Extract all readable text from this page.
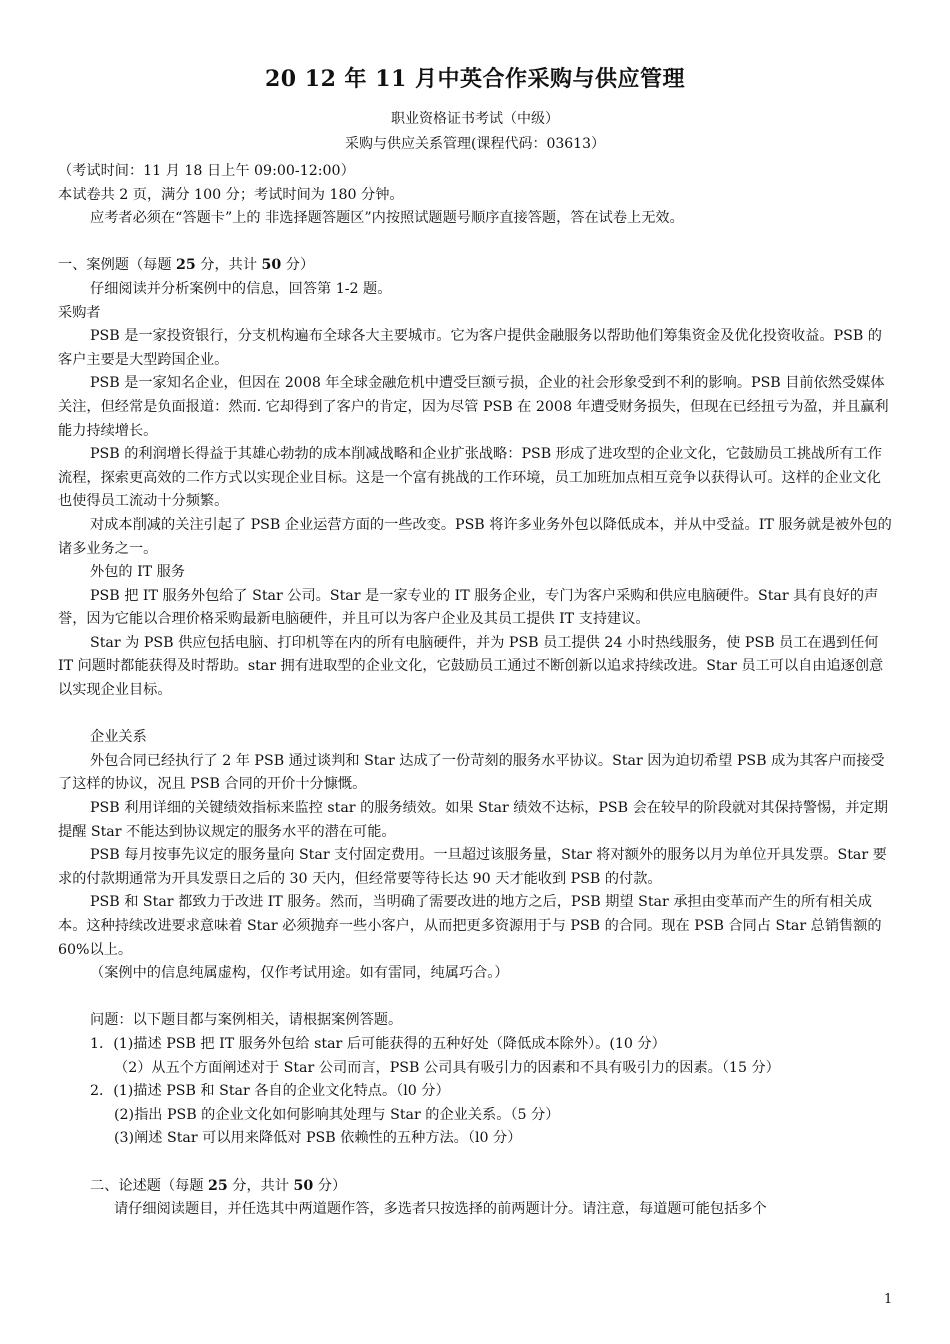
20 12 年 11 月中英合作采购与供应管理
职业资格证书考试（中级）
采购与供应关系管理(课程代码：03613）

（考试时间：11 月 18 日上午 09:00-12:00）

本试卷共 2 页，满分 100 分；考试时间为 180 分钟。

应考者必须在“答题卡”上的 非选择题答题区”内按照试题题号顺序直接答题，答在试卷上无效。

一、案例题（每题 25 分，共计 50 分）

仔细阅读并分析案例中的信息，回答第 1-2 题。

采购者

PSB 是一家投资银行，分支机构遍布全球各大主要城市。它为客户提供金融服务以帮助他们筹集资金及优化投资收益。PSB 的客户主要是大型跨国企业。

PSB 是一家知名企业，但因在 2008 年全球金融危机中遭受巨额亏损，企业的社会形象受到不利的影响。PSB 目前依然受媒体关注，但经常是负面报道：然而. 它却得到了客户的肯定，因为尽管 PSB 在 2008 年遭受财务损失，但现在已经扭亏为盈，并且赢利能力持续增长。

PSB 的利润增长得益于其雄心勃勃的成本削减战略和企业扩张战略：PSB 形成了进攻型的企业文化，它鼓励员工挑战所有工作流程，探索更高效的二作方式以实现企业目标。这是一个富有挑战的工作环境，员工加班加点相互竞争以获得认可。这样的企业文化也使得员工流动十分频繁。

对成本削减的关注引起了 PSB 企业运营方面的一些改变。PSB 将许多业务外包以降低成本，并从中受益。IT 服务就是被外包的诸多业务之一。

外包的 IT 服务

PSB 把 IT 服务外包给了 Star 公司。Star 是一家专业的 IT 服务企业，专门为客户采购和供应电脑硬件。Star 具有良好的声誉，因为它能以合理价格采购最新电脑硬件，并且可以为客户企业及其员工提供 IT 支持建议。

Star 为 PSB 供应包括电脑、打印机等在内的所有电脑硬件，并为 PSB 员工提供 24 小时热线服务，使 PSB 员工在遇到任何 IT 问题时都能获得及时帮助。star 拥有进取型的企业文化，它鼓励员工通过不断创新以追求持续改进。Star 员工可以自由追逐创意以实现企业目标。

企业关系

外包合同已经执行了 2 年 PSB 通过谈判和 Star 达成了一份苛刻的服务水平协议。Star 因为迫切希望 PSB 成为其客户而接受了这样的协议，况且 PSB 合同的开价十分慷慨。

PSB 利用详细的关键绩效指标来监控 star 的服务绩效。如果 Star 绩效不达标，PSB 会在较早的阶段就对其保持警惕，并定期提醒 Star 不能达到协议规定的服务水平的潜在可能。

PSB 每月按事先议定的服务量向 Star 支付固定费用。一旦超过该服务量，Star 将对额外的服务以月为单位开具发票。Star 要求的付款期通常为开具发票日之后的 30 天内，但经常要等待长达 90 天才能收到 PSB 的付款。

PSB 和 Star 都致力于改进 IT 服务。然而，当明确了需要改进的地方之后，PSB 期望 Star 承担由变革而产生的所有相关成本。这种持续改进要求意味着 Star 必须抛弃一些小客户，从而把更多资源用于与 PSB 的合同。现在 PSB 合同占 Star 总销售额的 60%以上。

（案例中的信息纯属虚构，仅作考试用途。如有雷同，纯属巧合。）

问题：以下题目都与案例相关，请根据案例答题。

1．(1)描述 PSB 把 IT 服务外包给 star 后可能获得的五种好处（降低成本除外）。(10 分）

（2）从五个方面阐述对于 Star 公司而言，PSB 公司具有吸引力的因素和不具有吸引力的因素。（15 分）

2．(1)描述 PSB 和 Star 各自的企业文化特点。（l0 分）

(2)指出 PSB 的企业文化如何影响其处理与 Star 的企业关系。（5 分）

(3)阐述 Star 可以用来降低对 PSB 依赖性的五种方法。（l0 分）

二、论述题（每题 25 分，共计 50 分）

请仔细阅读题目，并任选其中两道题作答，多选者只按选择的前两题计分。请注意，每道题可能包括多个

1
